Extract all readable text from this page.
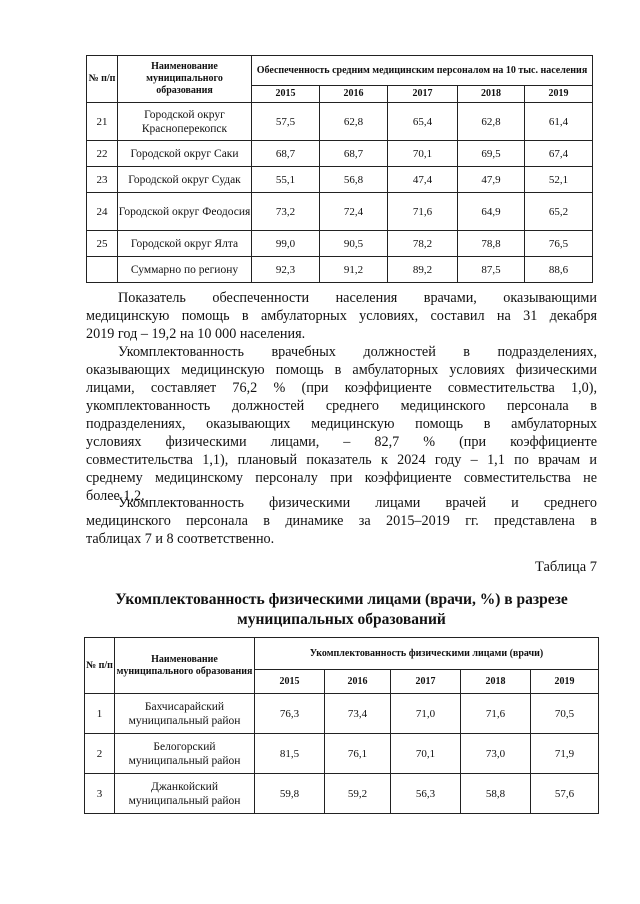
№ п/п	Наименование муниципального образования	Обеспеченность средним медицинским персоналом на 10 тыс. населения				
		2015	2016	2017	2018	2019
21	Городской округ Красноперекопск	57,5	62,8	65,4	62,8	61,4
22	Городской округ Саки	68,7	68,7	70,1	69,5	67,4
23	Городской округ Судак	55,1	56,8	47,4	47,9	52,1
24	Городской округ Феодосия	73,2	72,4	71,6	64,9	65,2
25	Городской округ Ялта	99,0	90,5	78,2	78,8	76,5
	Суммарно по региону	92,3	91,2	89,2	87,5	88,6
Показатель обеспеченности населения врачами, оказывающими
медицинскую помощь в амбулаторных условиях, составил на 31 декабря
2019 год – 19,2 на 10 000 населения.
Укомплектованность врачебных должностей в подразделениях,
оказывающих медицинскую помощь в амбулаторных условиях физическими
лицами, составляет 76,2 % (при коэффициенте совместительства 1,0),
укомплектованность должностей среднего медицинского персонала в
подразделениях, оказывающих медицинскую помощь в амбулаторных
условиях физическими лицами, – 82,7 % (при коэффициенте
совместительства 1,1), плановый показатель к 2024 году – 1,1 по врачам и
среднему медицинскому персоналу при коэффициенте совместительства не
более 1,2.
Укомплектованность физическими лицами врачей и среднего
медицинского персонала в динамике за 2015–2019 гг. представлена в
таблицах 7 и 8 соответственно.
Таблица 7
Укомплектованность физическими лицами (врачи, %) в разрезе муниципальных образований
№ п/п	Наименование муниципального образования	Укомплектованность физическими лицами (врачи)				
		2015	2016	2017	2018	2019
1	Бахчисарайский муниципальный район	76,3	73,4	71,0	71,6	70,5
2	Белогорский муниципальный район	81,5	76,1	70,1	73,0	71,9
3	Джанкойский муниципальный район	59,8	59,2	56,3	58,8	57,6
